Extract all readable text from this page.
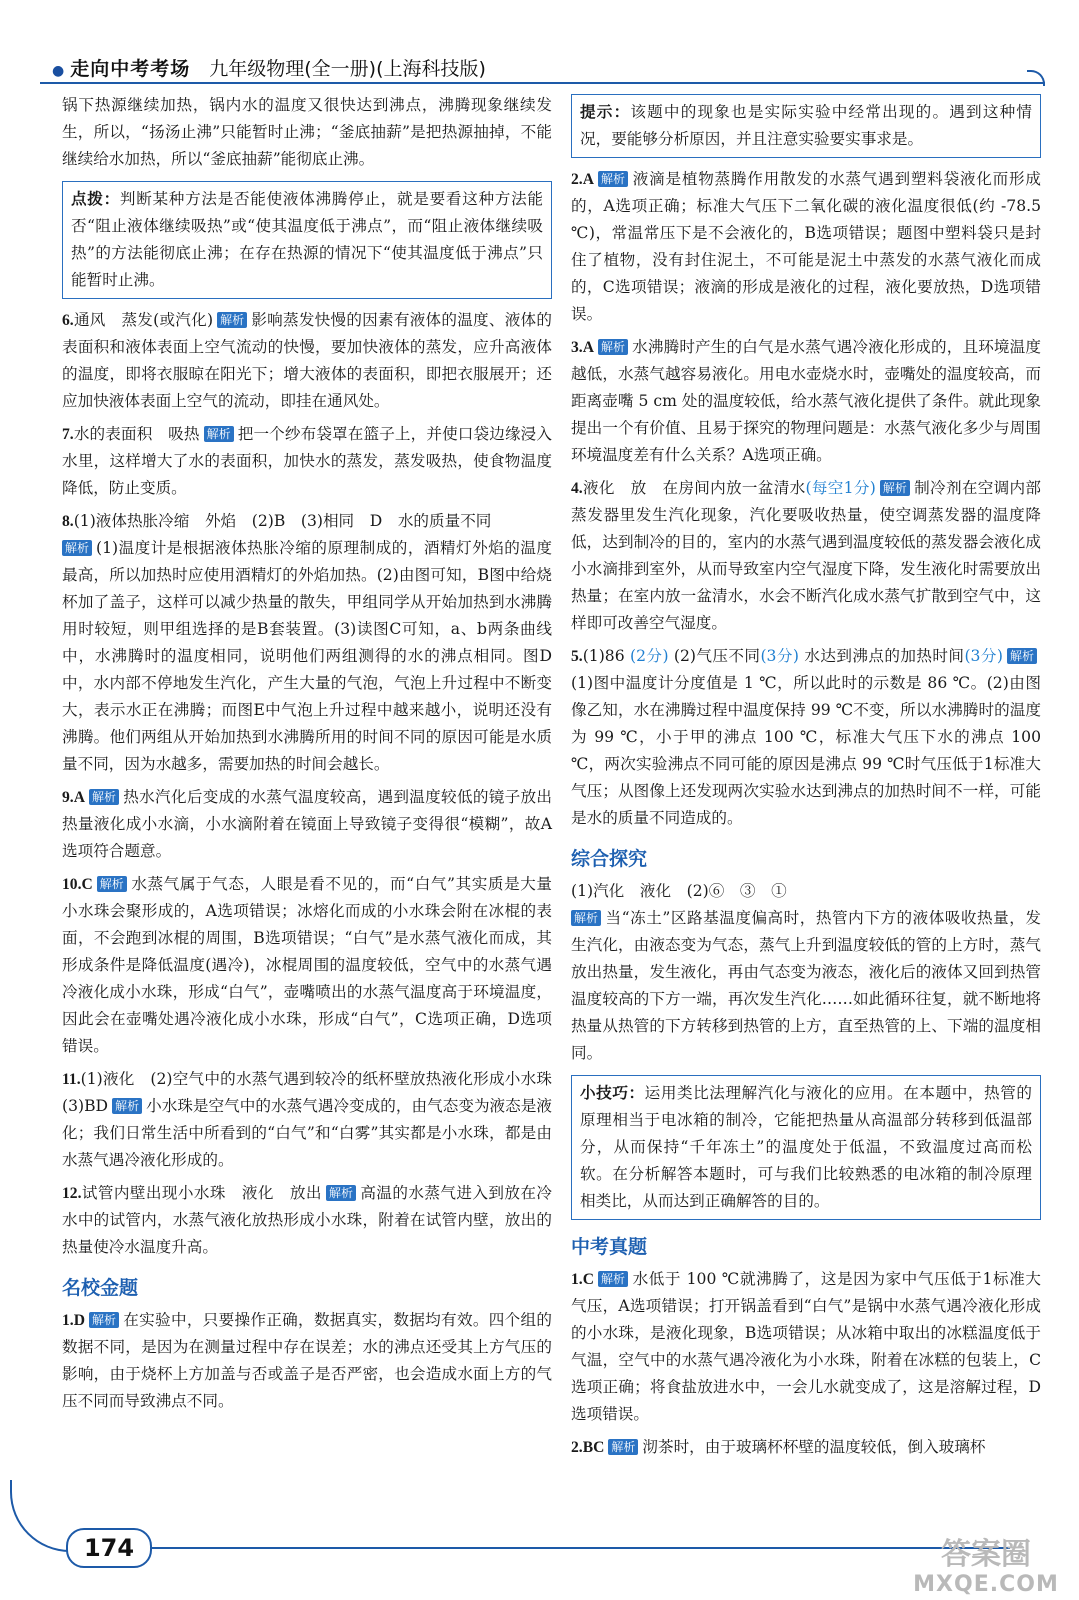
● 走向中考考场　 九年级物理(全一册)(上海科技版)

锅下热源继续加热，锅内水的温度又很快达到沸点，沸腾现象继续发生，所以，“扬汤止沸”只能暂时止沸；“釜底抽薪”是把热源抽掉，不能继续给水加热，所以“釜底抽薪”能彻底止沸。

点拨：判断某种方法是否能使液体沸腾停止，就是要看这种方法能否“阻止液体继续吸热”或“使其温度低于沸点”，而“阻止液体继续吸热”的方法能彻底止沸；在存在热源的情况下“使其温度低于沸点”只能暂时止沸。

6.通风　蒸发(或汽化) 解析 影响蒸发快慢的因素有液体的温度、液体的表面积和液体表面上空气流动的快慢，要加快液体的蒸发，应升高液体的温度，即将衣服晾在阳光下；增大液体的表面积，即把衣服展开；还应加快液体表面上空气的流动，即挂在通风处。

7.水的表面积　吸热 解析 把一个纱布袋罩在篮子上，并使口袋边缘浸入水里，这样增大了水的表面积，加快水的蒸发，蒸发吸热，使食物温度降低，防止变质。

8.(1)液体热胀冷缩　外焰　(2)B　(3)相同　D　水的质量不同
解析 (1)温度计是根据液体热胀冷缩的原理制成的，酒精灯外焰的温度最高，所以加热时应使用酒精灯的外焰加热。(2)由图可知，B图中给烧杯加了盖子，这样可以减少热量的散失，甲组同学从开始加热到水沸腾用时较短，则甲组选择的是B套装置。(3)读图C可知，a、b两条曲线中，水沸腾时的温度相同，说明他们两组测得的水的沸点相同。图D中，水内部不停地发生汽化，产生大量的气泡，气泡上升过程中不断变大，表示水正在沸腾；而图E中气泡上升过程中越来越小，说明还没有沸腾。他们两组从开始加热到水沸腾所用的时间不同的原因可能是水质量不同，因为水越多，需要加热的时间会越长。

9.A 解析 热水汽化后变成的水蒸气温度较高，遇到温度较低的镜子放出热量液化成小水滴，小水滴附着在镜面上导致镜子变得很“模糊”，故A选项符合题意。

10.C 解析 水蒸气属于气态，人眼是看不见的，而“白气”其实质是大量小水珠会聚形成的，A选项错误；冰熔化而成的小水珠会附在冰棍的表面，不会跑到冰棍的周围，B选项错误；“白气”是水蒸气液化而成，其形成条件是降低温度(遇冷)，冰棍周围的温度较低，空气中的水蒸气遇冷液化成小水珠，形成“白气”，壶嘴喷出的水蒸气温度高于环境温度，因此会在壶嘴处遇冷液化成小水珠，形成“白气”，C选项正确，D选项错误。

11.(1)液化　(2)空气中的水蒸气遇到较冷的纸杯壁放热液化形成小水珠　(3)BD 解析 小水珠是空气中的水蒸气遇冷变成的，由气态变为液态是液化；我们日常生活中所看到的“白气”和“白雾”其实都是小水珠，都是由水蒸气遇冷液化形成的。

12.试管内壁出现小水珠　液化　放出 解析 高温的水蒸气进入到放在冷水中的试管内，水蒸气液化放热形成小水珠，附着在试管内壁，放出的热量使冷水温度升高。

名校金题

1.D 解析 在实验中，只要操作正确，数据真实，数据均有效。四个组的数据不同，是因为在测量过程中存在误差；水的沸点还受其上方气压的影响，由于烧杯上方加盖与否或盖子是否严密，也会造成水面上方的气压不同而导致沸点不同。

提示：该题中的现象也是实际实验中经常出现的。遇到这种情况，要能够分析原因，并且注意实验要实事求是。

2.A 解析 液滴是植物蒸腾作用散发的水蒸气遇到塑料袋液化而形成的，A选项正确；标准大气压下二氧化碳的液化温度很低(约 -78.5 ℃)，常温常压下是不会液化的，B选项错误；题图中塑料袋只是封住了植物，没有封住泥土，不可能是泥土中蒸发的水蒸气液化而成的，C选项错误；液滴的形成是液化的过程，液化要放热，D选项错误。

3.A 解析 水沸腾时产生的白气是水蒸气遇冷液化形成的，且环境温度越低，水蒸气越容易液化。用电水壶烧水时，壶嘴处的温度较高，而距离壶嘴 5 cm 处的温度较低，给水蒸气液化提供了条件。就此现象提出一个有价值、且易于探究的物理问题是：水蒸气液化多少与周围环境温度差有什么关系？A选项正确。

4.液化　放　在房间内放一盆清水(每空1分) 解析 制冷剂在空调内部蒸发器里发生汽化现象，汽化要吸收热量，使空调蒸发器的温度降低，达到制冷的目的，室内的水蒸气遇到温度较低的蒸发器会液化成小水滴排到室外，从而导致室内空气湿度下降，发生液化时需要放出热量；在室内放一盆清水，水会不断汽化成水蒸气扩散到空气中，这样即可改善空气湿度。

5.(1)86 (2分) (2)气压不同(3分) 水达到沸点的加热时间(3分) 解析(1)图中温度计分度值是 1 ℃，所以此时的示数是 86 ℃。(2)由图像乙知，水在沸腾过程中温度保持 99 ℃不变，所以水沸腾时的温度为 99 ℃，小于甲的沸点 100 ℃，标准大气压下水的沸点 100 ℃，两次实验沸点不同可能的原因是沸点 99 ℃时气压低于1标准大气压；从图像上还发现两次实验水达到沸点的加热时间不一样，可能是水的质量不同造成的。

综合探究

(1)汽化　液化　(2)⑥　③　①
解析 当“冻土”区路基温度偏高时，热管内下方的液体吸收热量，发生汽化，由液态变为气态，蒸气上升到温度较低的管的上方时，蒸气放出热量，发生液化，再由气态变为液态，液化后的液体又回到热管温度较高的下方一端，再次发生汽化……如此循环往复，就不断地将热量从热管的下方转移到热管的上方，直至热管的上、下端的温度相同。

小技巧：运用类比法理解汽化与液化的应用。在本题中，热管的原理相当于电冰箱的制冷，它能把热量从高温部分转移到低温部分，从而保持“千年冻土”的温度处于低温，不致温度过高而松软。在分析解答本题时，可与我们比较熟悉的电冰箱的制冷原理相类比，从而达到正确解答的目的。
中考真题

1.C 解析 水低于 100 ℃就沸腾了，这是因为家中气压低于1标准大气压，A选项错误；打开锅盖看到“白气”是锅中水蒸气遇冷液化形成的小水珠，是液化现象，B选项错误；从冰箱中取出的冰糕温度低于气温，空气中的水蒸气遇冷液化为小水珠，附着在冰糕的包装上，C选项正确；将食盐放进水中，一会儿水就变成了，这是溶解过程，D选项错误。

2.BC 解析 沏茶时，由于玻璃杯杯壁的温度较低，倒入玻璃杯

174	答案圈
MXQE.COM
